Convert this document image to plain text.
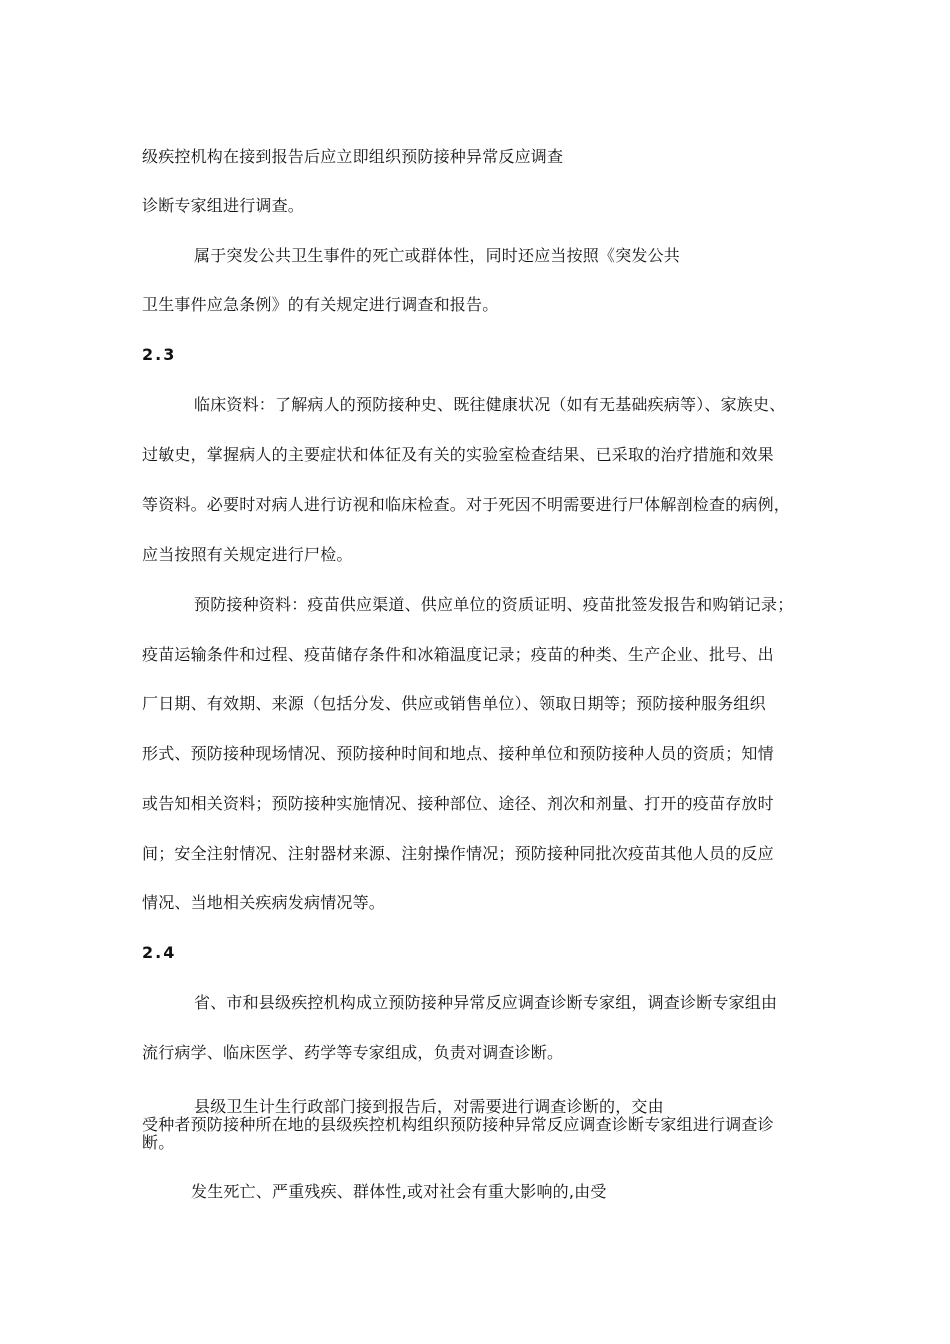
级疾控机构在接到报告后应立即组织预防接种异常反应调查
诊断专家组进行调查。
属于突发公共卫生事件的死亡或群体性，同时还应当按照《突发公共
卫生事件应急条例》的有关规定进行调查和报告。
2.3
临床资料：了解病人的预防接种史、既往健康状况（如有无基础疾病等）、家族史、
过敏史，掌握病人的主要症状和体征及有关的实验室检查结果、已采取的治疗措施和效果
等资料。必要时对病人进行访视和临床检查。对于死因不明需要进行尸体解剖检查的病例，
应当按照有关规定进行尸检。
预防接种资料：疫苗供应渠道、供应单位的资质证明、疫苗批签发报告和购销记录；
疫苗运输条件和过程、疫苗储存条件和冰箱温度记录；疫苗的种类、生产企业、批号、出
厂日期、有效期、来源（包括分发、供应或销售单位）、领取日期等；预防接种服务组织
形式、预防接种现场情况、预防接种时间和地点、接种单位和预防接种人员的资质；知情
或告知相关资料；预防接种实施情况、接种部位、途径、剂次和剂量、打开的疫苗存放时
间；安全注射情况、注射器材来源、注射操作情况；预防接种同批次疫苗其他人员的反应
情况、当地相关疾病发病情况等。
2.4
省、市和县级疾控机构成立预防接种异常反应调查诊断专家组，调查诊断专家组由
流行病学、临床医学、药学等专家组成，负责对调查诊断。
县级卫生计生行政部门接到报告后，对需要进行调查诊断的，交由
受种者预防接种所在地的县级疾控机构组织预防接种异常反应调查诊断专家组进行调查诊
断。
发生死亡、严重残疾、群体性,或对社会有重大影响的,由受
